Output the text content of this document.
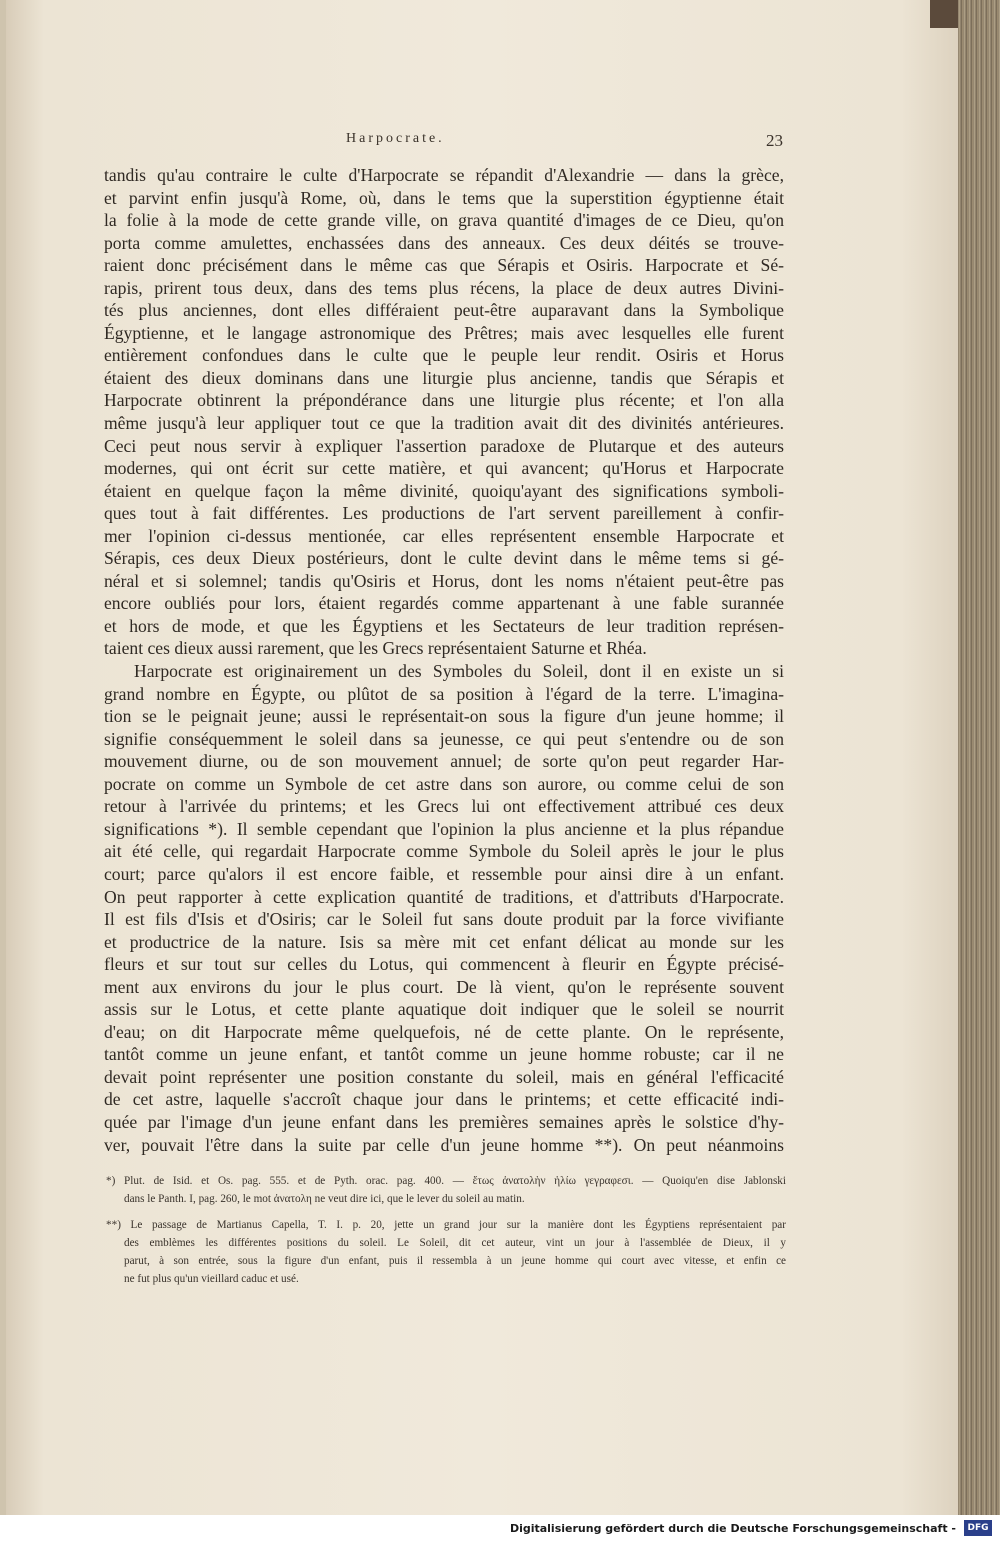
Harpocrate.	23
tandis qu'au contraire le culte d'Harpocrate se répandit d'Alexandrie — dans la grèce,
et parvint enfin jusqu'à Rome, où, dans le tems que la superstition égyptienne était
la folie à la mode de cette grande ville, on grava quantité d'images de ce Dieu, qu'on
porta comme amulettes, enchassées dans des anneaux. Ces deux déités se trouve-
raient donc précisément dans le même cas que Sérapis et Osiris. Harpocrate et Sé-
rapis, prirent tous deux, dans des tems plus récens, la place de deux autres Divini-
tés plus anciennes, dont elles différaient peut-être auparavant dans la Symbolique
Égyptienne, et le langage astronomique des Prêtres; mais avec lesquelles elle furent
entièrement confondues dans le culte que le peuple leur rendit. Osiris et Horus
étaient des dieux dominans dans une liturgie plus ancienne, tandis que Sérapis et
Harpocrate obtinrent la prépondérance dans une liturgie plus récente; et l'on alla
même jusqu'à leur appliquer tout ce que la tradition avait dit des divinités antérieures.
Ceci peut nous servir à expliquer l'assertion paradoxe de Plutarque et des auteurs
modernes, qui ont écrit sur cette matière, et qui avancent; qu'Horus et Harpocrate
étaient en quelque façon la même divinité, quoiqu'ayant des significations symboli-
ques tout à fait différentes. Les productions de l'art servent pareillement à confir-
mer l'opinion ci-dessus mentionée, car elles représentent ensemble Harpocrate et
Sérapis, ces deux Dieux postérieurs, dont le culte devint dans le même tems si gé-
néral et si solemnel; tandis qu'Osiris et Horus, dont les noms n'étaient peut-être pas
encore oubliés pour lors, étaient regardés comme appartenant à une fable surannée
et hors de mode, et que les Égyptiens et les Sectateurs de leur tradition représen-
taient ces dieux aussi rarement, que les Grecs représentaient Saturne et Rhéa.
Harpocrate est originairement un des Symboles du Soleil, dont il en existe un si
grand nombre en Égypte, ou plûtot de sa position à l'égard de la terre. L'imagina-
tion se le peignait jeune; aussi le représentait-on sous la figure d'un jeune homme; il
signifie conséquemment le soleil dans sa jeunesse, ce qui peut s'entendre ou de son
mouvement diurne, ou de son mouvement annuel; de sorte qu'on peut regarder Har-
pocrate on comme un Symbole de cet astre dans son aurore, ou comme celui de son
retour à l'arrivée du printems; et les Grecs lui ont effectivement attribué ces deux
significations *). Il semble cependant que l'opinion la plus ancienne et la plus répandue
ait été celle, qui regardait Harpocrate comme Symbole du Soleil après le jour le plus
court; parce qu'alors il est encore faible, et ressemble pour ainsi dire à un enfant.
On peut rapporter à cette explication quantité de traditions, et d'attributs d'Harpocrate.
Il est fils d'Isis et d'Osiris; car le Soleil fut sans doute produit par la force vivifiante
et productrice de la nature. Isis sa mère mit cet enfant délicat au monde sur les
fleurs et sur tout sur celles du Lotus, qui commencent à fleurir en Égypte précisé-
ment aux environs du jour le plus court. De là vient, qu'on le représente souvent
assis sur le Lotus, et cette plante aquatique doit indiquer que le soleil se nourrit
d'eau; on dit Harpocrate même quelquefois, né de cette plante. On le représente,
tantôt comme un jeune enfant, et tantôt comme un jeune homme robuste; car il ne
devait point représenter une position constante du soleil, mais en général l'efficacité
de cet astre, laquelle s'accroît chaque jour dans le printems; et cette efficacité indi-
quée par l'image d'un jeune enfant dans les premières semaines après le solstice d'hy-
ver, pouvait l'être dans la suite par celle d'un jeune homme **). On peut néanmoins
*) Plut. de Isid. et Os. pag. 555. et de Pyth. orac. pag. 400. — ἕτως ἀνατολὴν ἡλίω γεγραφεσι. — Quoiqu'en dise Jablonski
dans le Panth. I, pag. 260, le mot ἀνατολη ne veut dire ici, que le lever du soleil au matin.
**) Le passage de Martianus Capella, T. I. p. 20, jette un grand jour sur la manière dont les Égyptiens représentaient par
des emblèmes les différentes positions du soleil. Le Soleil, dit cet auteur, vint un jour à l'assemblée de Dieux, il y
parut, à son entrée, sous la figure d'un enfant, puis il ressembla à un jeune homme qui court avec vitesse, et enfin ce
ne fut plus qu'un vieillard caduc et usé.
Digitalisierung gefördert durch die Deutsche Forschungsgemeinschaft -	DFG
